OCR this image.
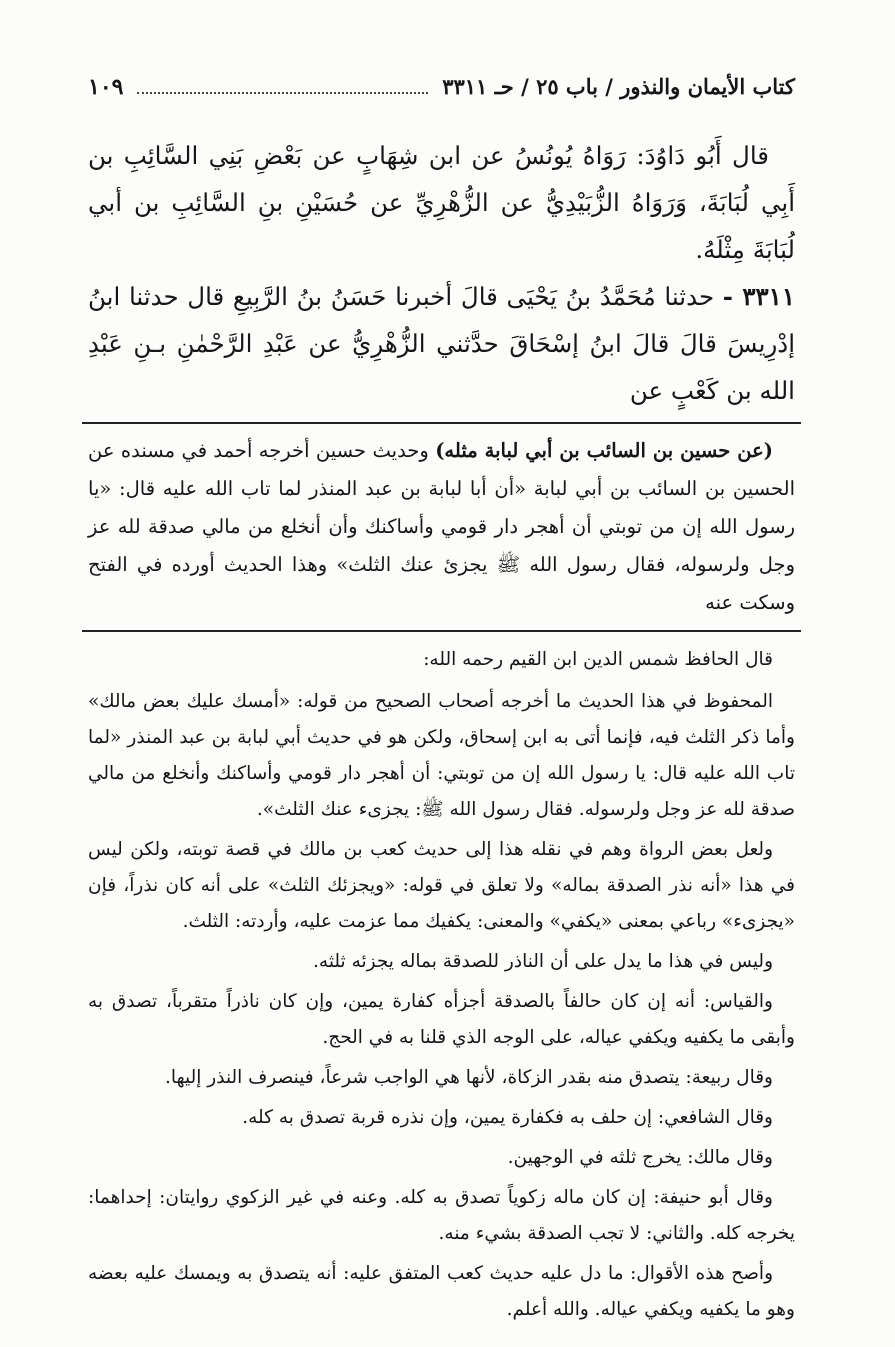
كتاب الأيمان والنذور / باب ٢٥ / حـ ٣٣١١
١٠٩

قال أَبُو دَاوُدَ: رَوَاهُ يُونُسُ عن ابن شِهَابٍ عن بَعْضِ بَنِي السَّائِبِ بن أَبِي لُبَابَةَ، وَرَوَاهُ الزُّبَيْدِيُّ عن الزُّهْرِيِّ عن حُسَيْنِ بنِ السَّائِبِ بن أبي لُبَابَةَ مِثْلَهُ.

٣٣١١ - حدثنا مُحَمَّدُ بنُ يَحْيَى قالَ أخبرنا حَسَنُ بنُ الرَّبِيعِ قال حدثنا ابنُ إدْرِيسَ قالَ قالَ ابنُ إسْحَاقَ حدَّثني الزُّهْرِيُّ عن عَبْدِ الرَّحْمٰنِ بـنِ عَبْدِ الله بن كَعْبٍ عن

(عن حسين بن السائب بن أبي لبابة مثله) وحديث حسين أخرجه أحمد في مسنده عن الحسين بن السائب بن أبي لبابة «أن أبا لبابة بن عبد المنذر لما تاب الله عليه قال: «يا رسول الله إن من توبتي أن أهجر دار قومي وأساكنك وأن أنخلع من مالي صدقة لله عز وجل ولرسوله، فقال رسول الله ﷺ يجزئ عنك الثلث» وهذا الحديث أورده في الفتح وسكت عنه

قال الحافظ شمس الدين ابن القيم رحمه الله:

المحفوظ في هذا الحديث ما أخرجه أصحاب الصحيح من قوله: «أمسك عليك بعض مالك» وأما ذكر الثلث فيه، فإنما أتى به ابن إسحاق، ولكن هو في حديث أبي لبابة بن عبد المنذر «لما تاب الله عليه قال: يا رسول الله إن من توبتي: أن أهجر دار قومي وأساكنك وأنخلع من مالي صدقة لله عز وجل ولرسوله. فقال رسول الله ﷺ: يجزىء عنك الثلث».

ولعل بعض الرواة وهم في نقله هذا إلى حديث كعب بن مالك في قصة توبته، ولكن ليس في هذا «أنه نذر الصدقة بماله» ولا تعلق في قوله: «ويجزئك الثلث» على أنه كان نذراً، فإن «يجزىء» رباعي بمعنى «يكفي» والمعنى: يكفيك مما عزمت عليه، وأردته: الثلث.

وليس في هذا ما يدل على أن الناذر للصدقة بماله يجزئه ثلثه.

والقياس: أنه إن كان حالفاً بالصدقة أجزأه كفارة يمين، وإن كان ناذراً متقرباً، تصدق به وأبقى ما يكفيه ويكفي عياله، على الوجه الذي قلنا به في الحج.

وقال ربيعة: يتصدق منه بقدر الزكاة، لأنها هي الواجب شرعاً، فينصرف النذر إليها.

وقال الشافعي: إن حلف به فكفارة يمين، وإن نذره قربة تصدق به كله.

وقال مالك: يخرج ثلثه في الوجهين.

وقال أبو حنيفة: إن كان ماله زكوياً تصدق به كله. وعنه في غير الزكوي روايتان: إحداهما: يخرجه كله. والثاني: لا تجب الصدقة بشيء منه.

وأصح هذه الأقوال: ما دل عليه حديث كعب المتفق عليه: أنه يتصدق به ويمسك عليه بعضه وهو ما يكفيه ويكفي عياله. والله أعلم.
